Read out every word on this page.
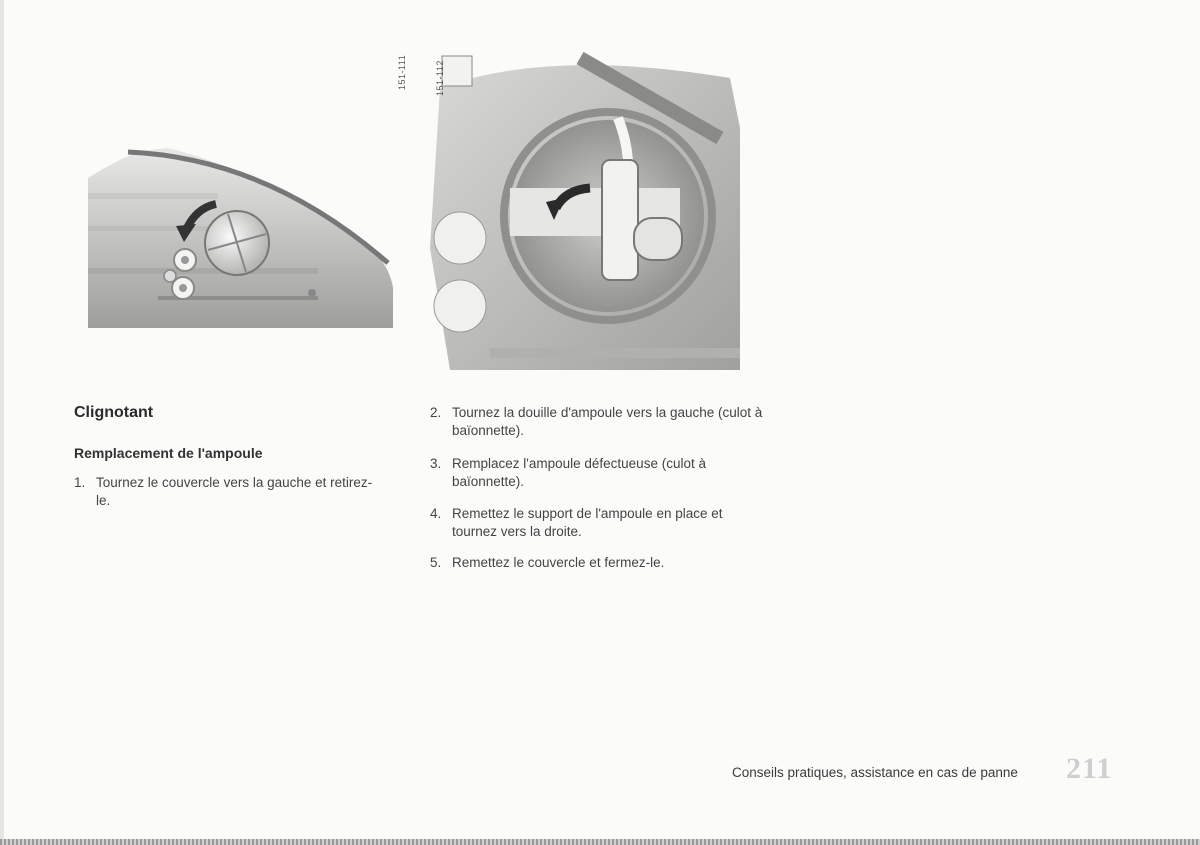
151-111	151-112
Clignotant
Remplacement de l'ampoule
1. Tournez le couvercle vers la gauche et retirez-le.
2. Tournez la douille d'ampoule vers la gauche (culot à baïonnette).
3. Remplacez l'ampoule défectueuse (culot à baïonnette).
4. Remettez le support de l'ampoule en place et tournez vers la droite.
5. Remettez le couvercle et fermez-le.
Conseils pratiques, assistance en cas de panne 211
